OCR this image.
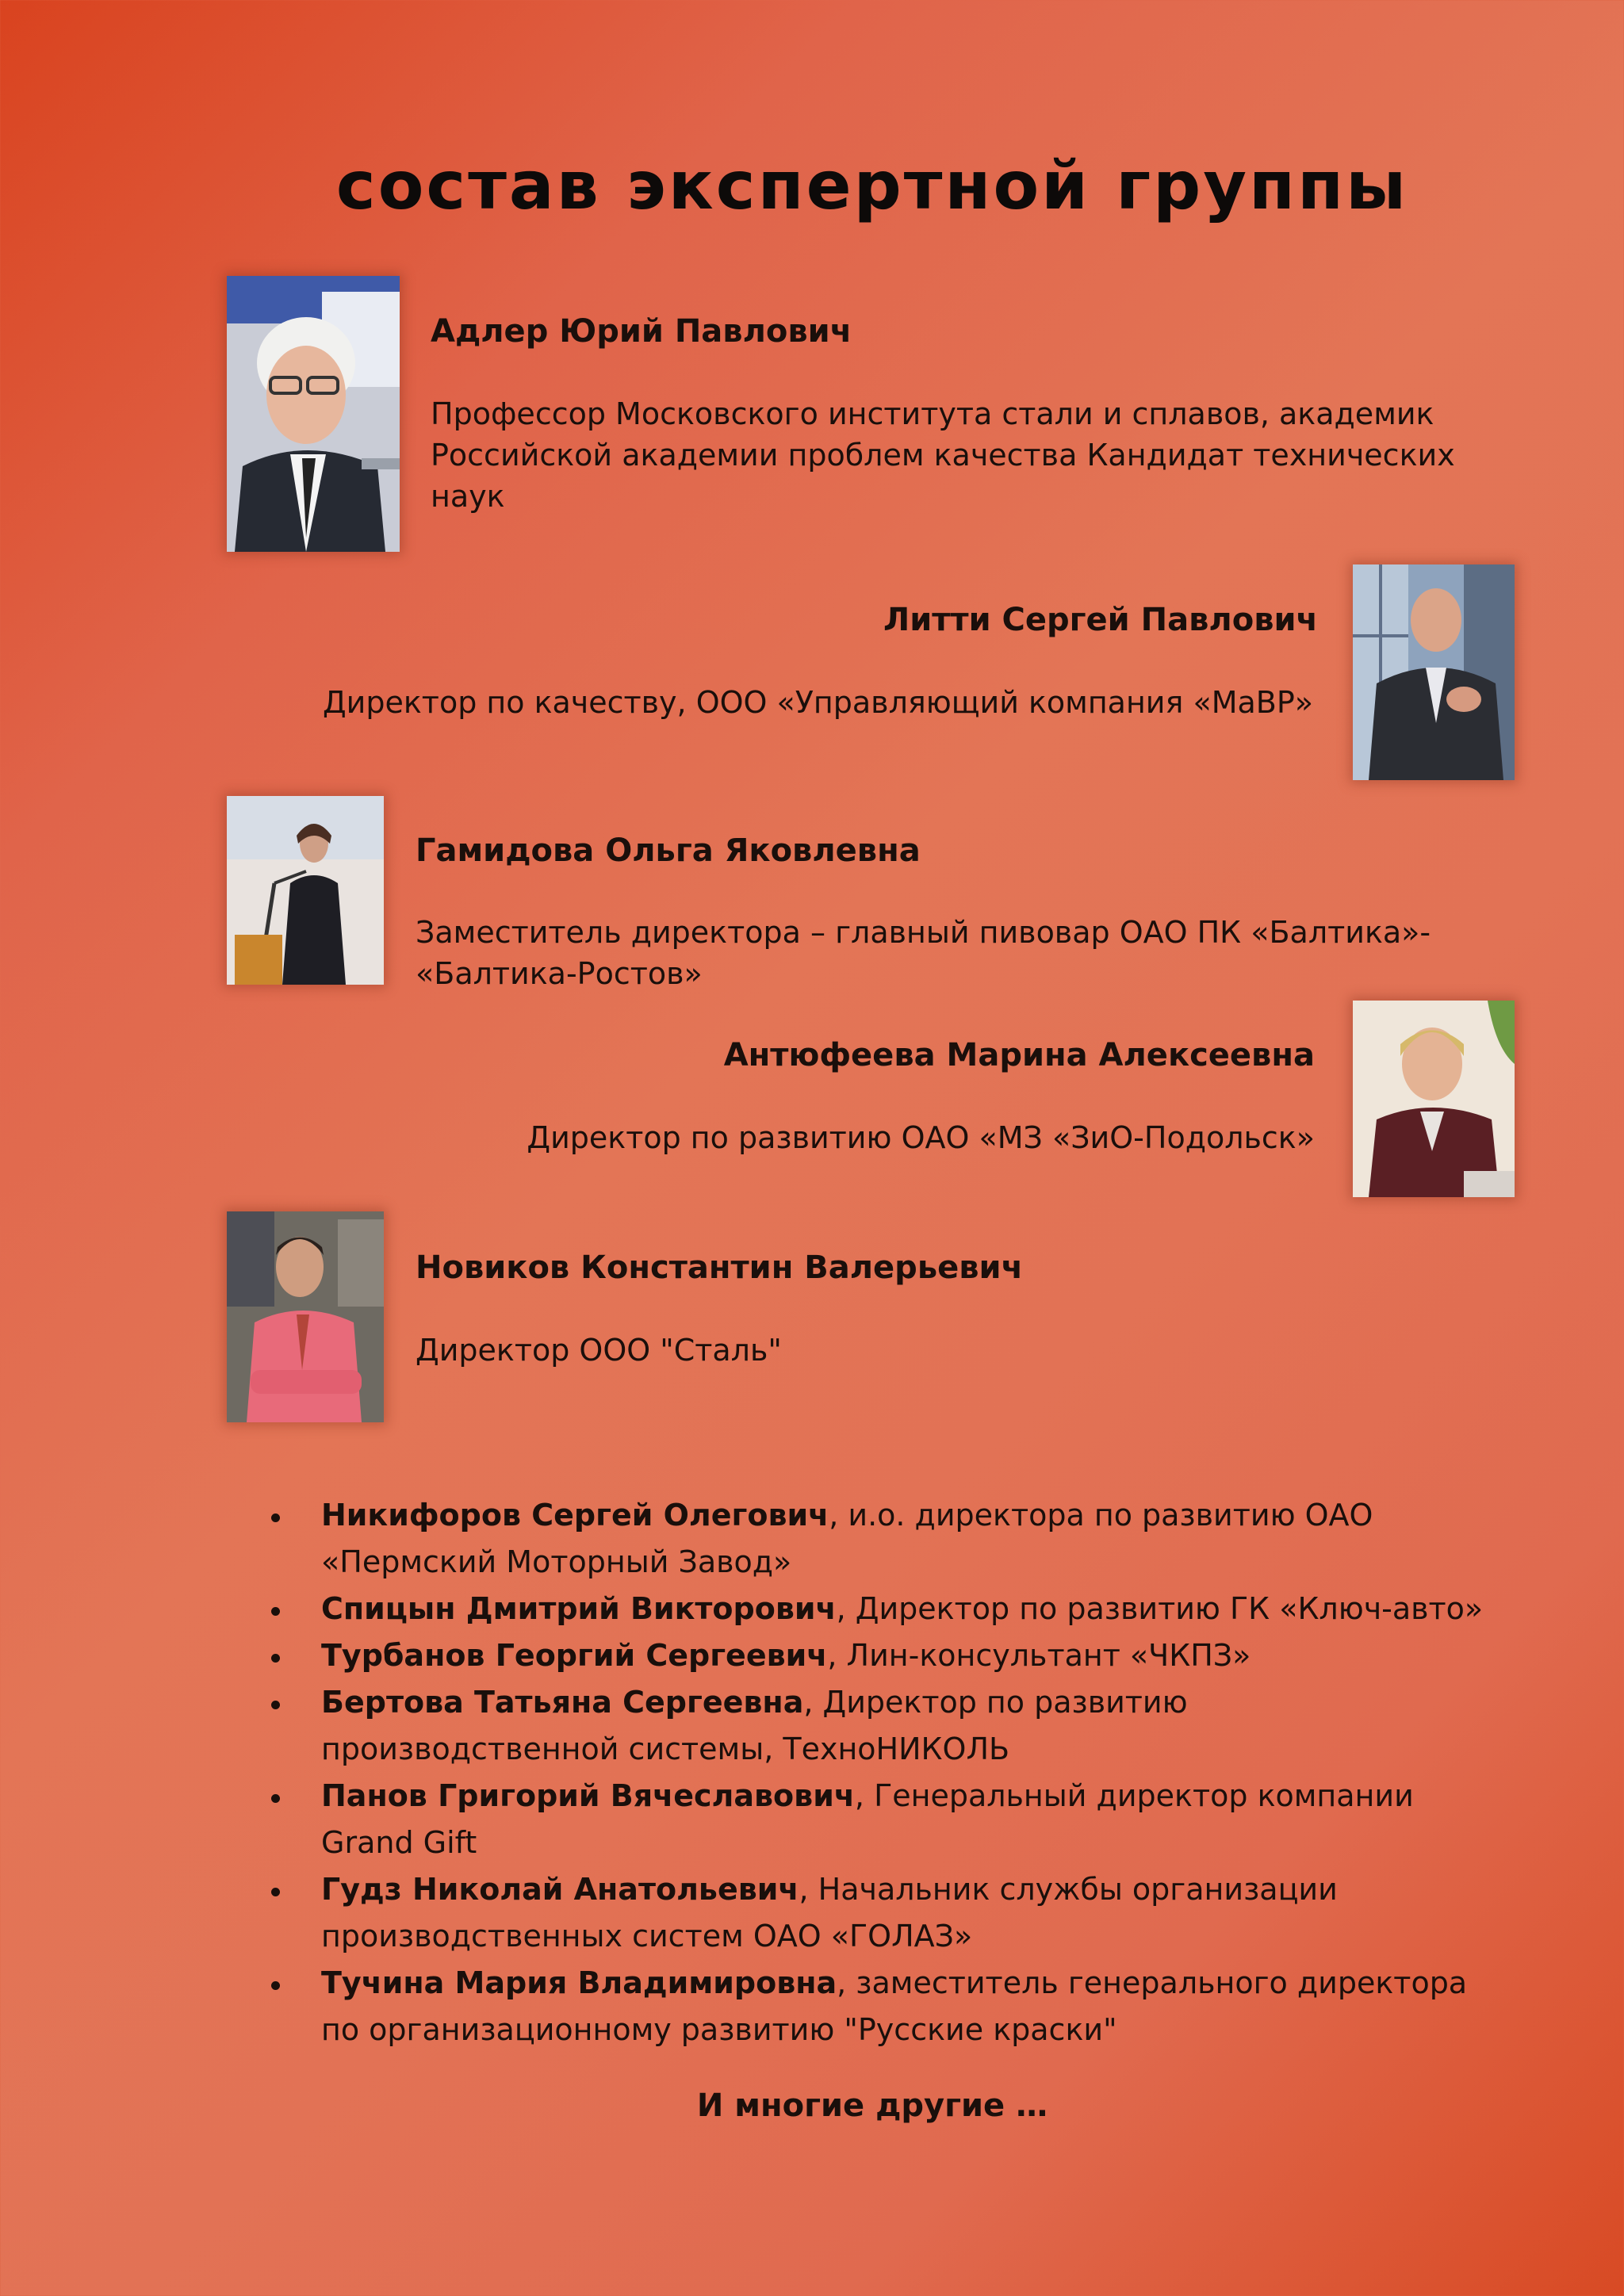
состав экспертной группы
Адлер Юрий Павлович
Профессор Московского института стали и сплавов, академик Российской академии проблем качества Кандидат технических наук
Литти Сергей Павлович
Директор по качеству, ООО «Управляющий компания «МаВР»
Гамидова Ольга Яковлевна
Заместитель директора – главный пивовар ОАО ПК «Балтика»- «Балтика-Ростов»
Антюфеева Марина Алексеевна
Директор по развитию ОАО «МЗ «ЗиО-Подольск»
Новиков Константин Валерьевич
Директор ООО "Сталь"
Никифоров Сергей Олегович, и.о. директора по развитию ОАО «Пермский Моторный Завод»
Спицын Дмитрий Викторович, Директор по развитию ГК «Ключ-авто»
Турбанов Георгий Сергеевич, Лин-консультант «ЧКПЗ»
Бертова Татьяна Сергеевна, Директор по развитию производственной системы, ТехноНИКОЛЬ
Панов Григорий Вячеславович, Генеральный директор компании Grand Gift
Гудз Николай Анатольевич, Начальник службы организации производственных систем ОАО «ГОЛАЗ»
Тучина Мария Владимировна, заместитель генерального директора по организационному развитию "Русские краски"
И многие другие …
